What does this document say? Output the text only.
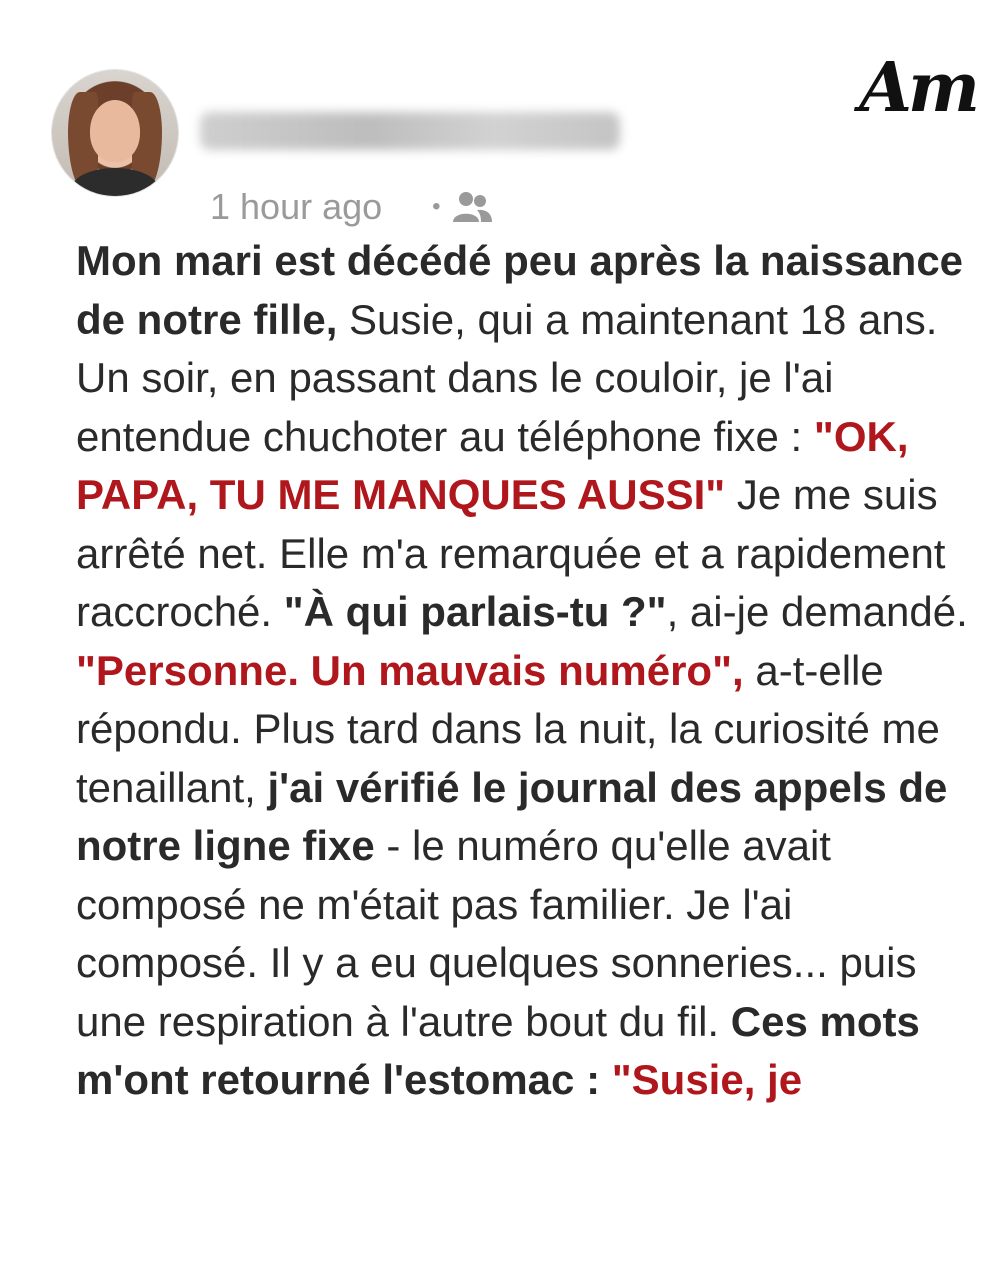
1 hour ago •
Am

Mon mari est décédé peu après la naissance de notre fille, Susie, qui a maintenant 18 ans. Un soir, en passant dans le couloir, je l'ai entendue chuchoter au téléphone fixe : "OK, PAPA, TU ME MANQUES AUSSI" Je me suis arrêté net. Elle m'a remarquée et a rapidement raccroché. "À qui parlais-tu ?", ai-je demandé. "Personne. Un mauvais numéro", a-t-elle répondu. Plus tard dans la nuit, la curiosité me tenaillant, j'ai vérifié le journal des appels de notre ligne fixe - le numéro qu'elle avait composé ne m'était pas familier. Je l'ai composé. Il y a eu quelques sonneries... puis une respiration à l'autre bout du fil. Ces mots m'ont retourné l'estomac : "Susie, je
